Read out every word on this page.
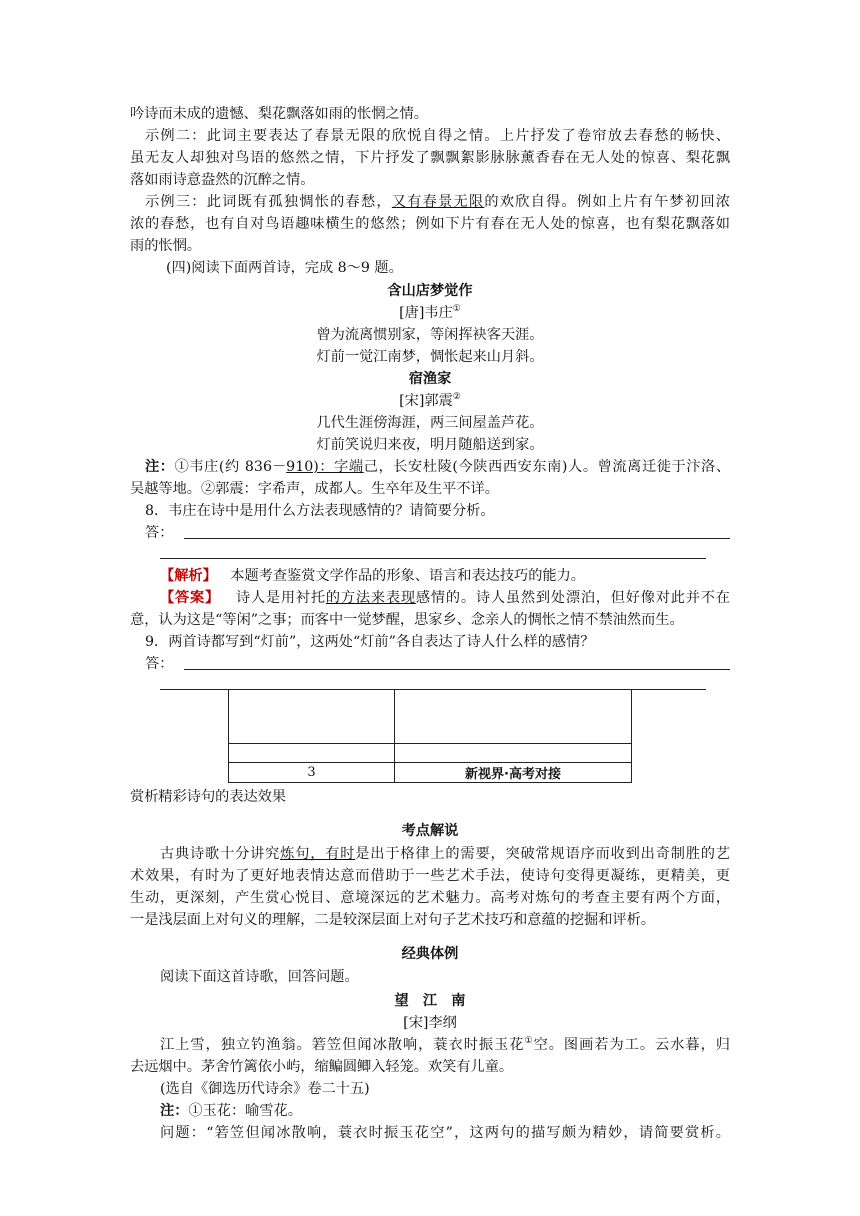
吟诗而未成的遗憾、梨花飘落如雨的怅惘之情。
示例二：此词主要表达了春景无限的欣悦自得之情。上片抒发了卷帘放去春愁的畅快、
虽无友人却独对鸟语的悠然之情，下片抒发了飘飘絮影脉脉薰香春在无人处的惊喜、梨花飘
落如雨诗意盎然的沉醉之情。
示例三：此词既有孤独惆怅的春愁，又有春景无限的欢欣自得。例如上片有午梦初回浓
浓的春愁，也有自对鸟语趣味横生的悠然；例如下片有春在无人处的惊喜，也有梨花飘落如
雨的怅惘。
(四)阅读下面两首诗，完成 8～9 题。
含山店梦觉作
[唐]韦庄①
曾为流离惯别家，等闲挥袂客天涯。
灯前一觉江南梦，惆怅起来山月斜。
宿渔家
[宋]郭震②
几代生涯傍海涯，两三间屋盖芦花。
灯前笑说归来夜，明月随船送到家。
注：①韦庄(约 836－910)：字端己，长安杜陵(今陕西西安东南)人。曾流离迁徙于汴洛、
吴越等地。②郭震：字希声，成都人。生卒年及生平不详。
8．韦庄在诗中是用什么方法表现感情的？请简要分析。
答：
【解析】 本题考查鉴赏文学作品的形象、语言和表达技巧的能力。
【答案】 诗人是用衬托的方法来表现感情的。诗人虽然到处漂泊，但好像对此并不在
意，认为这是“等闲”之事；而客中一觉梦醒，思家乡、念亲人的惆怅之情不禁油然而生。
9．两首诗都写到“灯前”，这两处“灯前”各自表达了诗人什么样的感情？
答：

3	新视界·高考对接
赏析精彩诗句的表达效果
考点解说
古典诗歌十分讲究炼句，有时是出于格律上的需要，突破常规语序而收到出奇制胜的艺
术效果，有时为了更好地表情达意而借助于一些艺术手法，使诗句变得更凝练，更精美，更
生动，更深刻，产生赏心悦目、意境深远的艺术魅力。高考对炼句的考查主要有两个方面，
一是浅层面上对句义的理解，二是较深层面上对句子艺术技巧和意蕴的挖掘和评析。
经典体例
阅读下面这首诗歌，回答问题。
望　江　南
[宋]李纲
江上雪，独立钓渔翁。箬笠但闻冰散响，蓑衣时振玉花①空。图画若为工。云水暮，归
去远烟中。茅舍竹篱依小屿，缩鳊圆鲫入轻笼。欢笑有儿童。
(选自《御选历代诗余》卷二十五)
注：①玉花：喻雪花。
问题：“箬笠但闻冰散响，蓑衣时振玉花空”，这两句的描写颇为精妙，请简要赏析。
